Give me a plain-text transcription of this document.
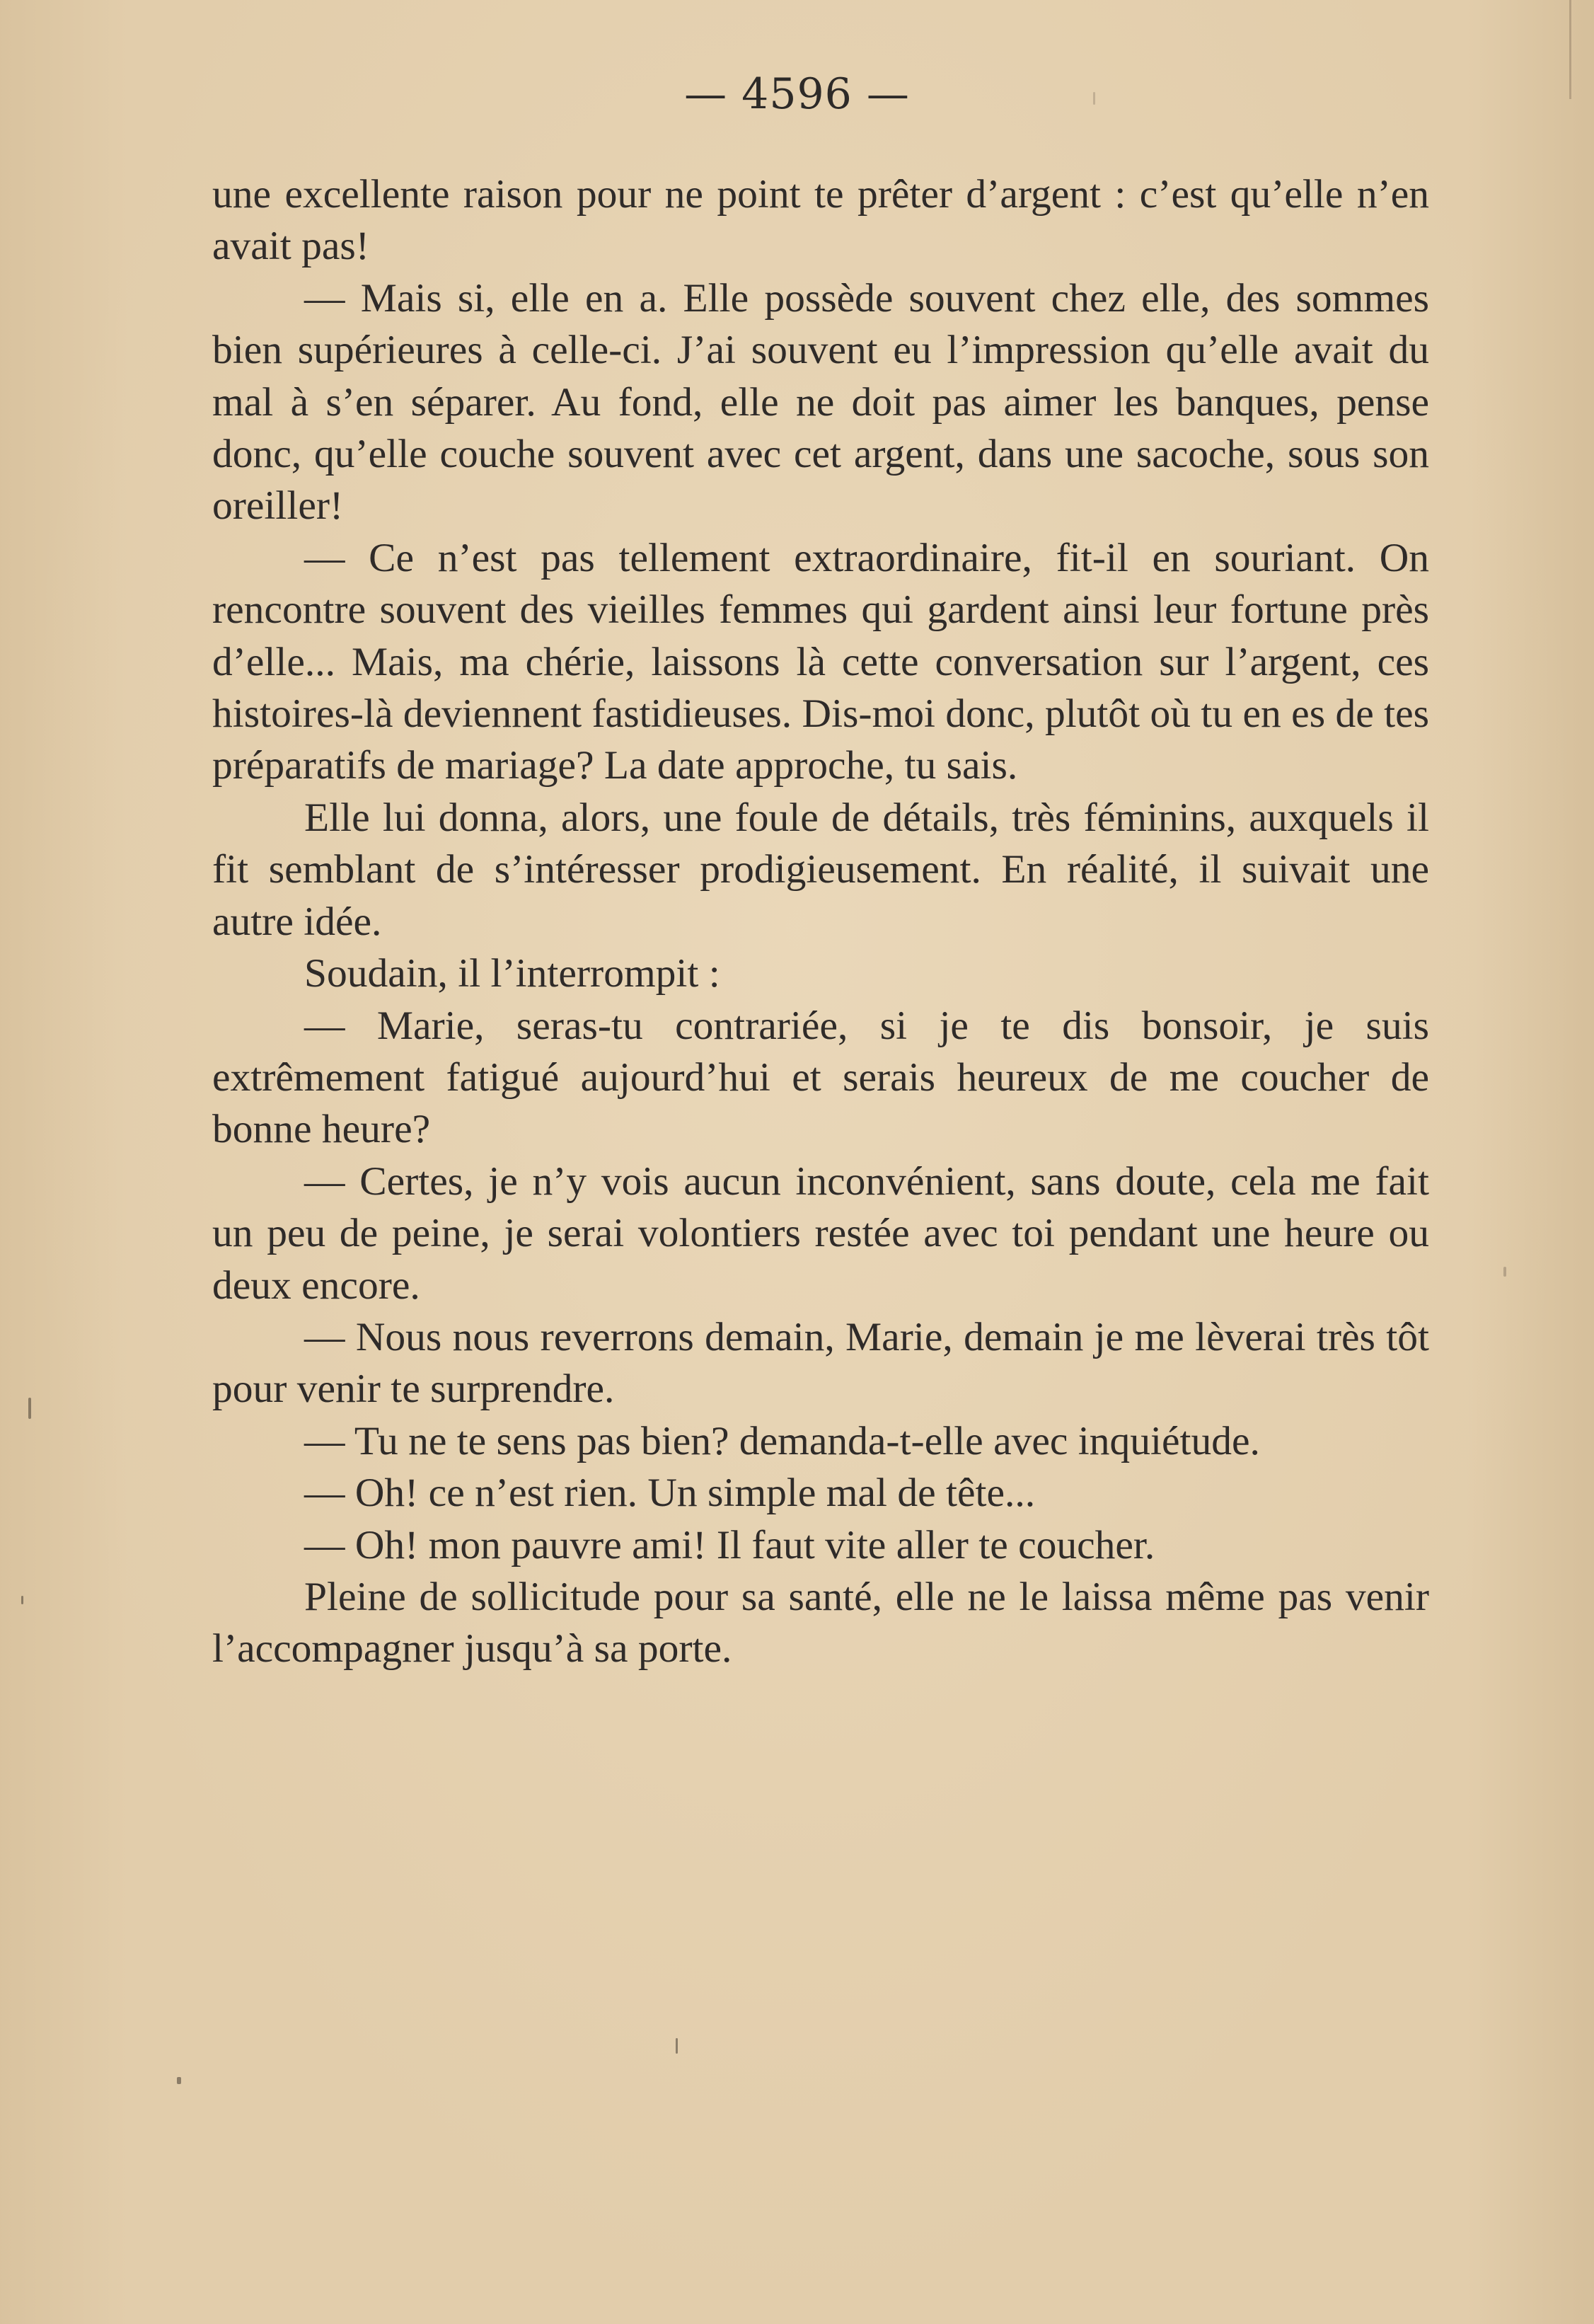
— 4596 —

une excellente raison pour ne point te prêter d’argent : c’est qu’elle n’en avait pas!

— Mais si, elle en a. Elle possède souvent chez elle, des sommes bien supérieures à celle-ci. J’ai souvent eu l’impression qu’elle avait du mal à s’en séparer. Au fond, elle ne doit pas aimer les banques, pense donc, qu’elle couche souvent avec cet argent, dans une sacoche, sous son oreiller!

— Ce n’est pas tellement extraordinaire, fit-il en souriant. On rencontre souvent des vieilles femmes qui gardent ainsi leur fortune près d’elle... Mais, ma chérie, laissons là cette conversation sur l’argent, ces histoires-là deviennent fastidieuses. Dis-moi donc, plutôt où tu en es de tes préparatifs de mariage? La date approche, tu sais.

Elle lui donna, alors, une foule de détails, très féminins, auxquels il fit semblant de s’intéresser prodigieusement. En réalité, il suivait une autre idée.

Soudain, il l’interrompit :

— Marie, seras-tu contrariée, si je te dis bonsoir, je suis extrêmement fatigué aujourd’hui et serais heureux de me coucher de bonne heure?

— Certes, je n’y vois aucun inconvénient, sans doute, cela me fait un peu de peine, je serai volontiers restée avec toi pendant une heure ou deux encore.

— Nous nous reverrons demain, Marie, demain je me lèverai très tôt pour venir te surprendre.

— Tu ne te sens pas bien? demanda-t-elle avec inquiétude.

— Oh! ce n’est rien. Un simple mal de tête...

— Oh! mon pauvre ami! Il faut vite aller te coucher.

Pleine de sollicitude pour sa santé, elle ne le laissa même pas venir l’accompagner jusqu’à sa porte.
